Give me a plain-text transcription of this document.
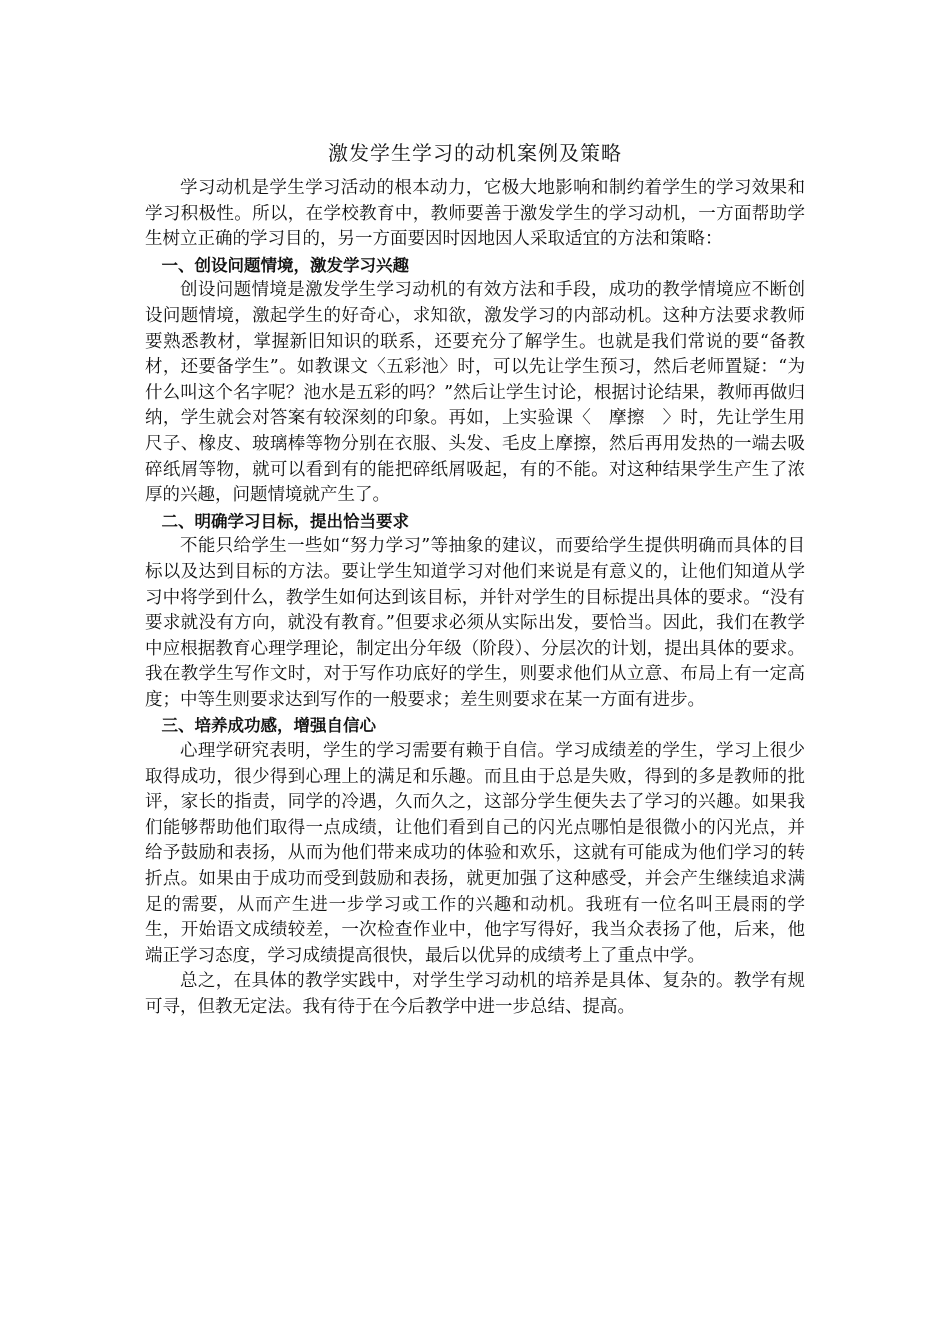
激发学生学习的动机案例及策略

学习动机是学生学习活动的根本动力，它极大地影响和制约着学生的学习效果和学习积极性。所以，在学校教育中，教师要善于激发学生的学习动机，一方面帮助学生树立正确的学习目的，另一方面要因时因地因人采取适宜的方法和策略：

一、创设问题情境，激发学习兴趣

创设问题情境是激发学生学习动机的有效方法和手段，成功的教学情境应不断创设问题情境，激起学生的好奇心，求知欲，激发学习的内部动机。这种方法要求教师要熟悉教材，掌握新旧知识的联系，还要充分了解学生。也就是我们常说的要“备教材，还要备学生”。如教课文〈五彩池〉时，可以先让学生预习，然后老师置疑：“为什么叫这个名字呢？池水是五彩的吗？”然后让学生讨论，根据讨论结果，教师再做归纳，学生就会对答案有较深刻的印象。再如，上实验课〈　摩擦　〉时，先让学生用尺子、橡皮、玻璃棒等物分别在衣服、头发、毛皮上摩擦，然后再用发热的一端去吸碎纸屑等物，就可以看到有的能把碎纸屑吸起，有的不能。对这种结果学生产生了浓厚的兴趣，问题情境就产生了。

二、明确学习目标，提出恰当要求

不能只给学生一些如“努力学习”等抽象的建议，而要给学生提供明确而具体的目标以及达到目标的方法。要让学生知道学习对他们来说是有意义的，让他们知道从学习中将学到什么，教学生如何达到该目标，并针对学生的目标提出具体的要求。“没有要求就没有方向，就没有教育。”但要求必须从实际出发，要恰当。因此，我们在教学中应根据教育心理学理论，制定出分年级（阶段）、分层次的计划，提出具体的要求。我在教学生写作文时，对于写作功底好的学生，则要求他们从立意、布局上有一定高度；中等生则要求达到写作的一般要求；差生则要求在某一方面有进步。

三、培养成功感，增强自信心

心理学研究表明，学生的学习需要有赖于自信。学习成绩差的学生，学习上很少取得成功，很少得到心理上的满足和乐趣。而且由于总是失败，得到的多是教师的批评，家长的指责，同学的冷遇，久而久之，这部分学生便失去了学习的兴趣。如果我们能够帮助他们取得一点成绩，让他们看到自己的闪光点哪怕是很微小的闪光点，并给予鼓励和表扬，从而为他们带来成功的体验和欢乐，这就有可能成为他们学习的转折点。如果由于成功而受到鼓励和表扬，就更加强了这种感受，并会产生继续追求满足的需要，从而产生进一步学习或工作的兴趣和动机。我班有一位名叫王晨雨的学生，开始语文成绩较差，一次检查作业中，他字写得好，我当众表扬了他，后来，他端正学习态度，学习成绩提高很快，最后以优异的成绩考上了重点中学。

总之，在具体的教学实践中，对学生学习动机的培养是具体、复杂的。教学有规可寻，但教无定法。我有待于在今后教学中进一步总结、提高。
